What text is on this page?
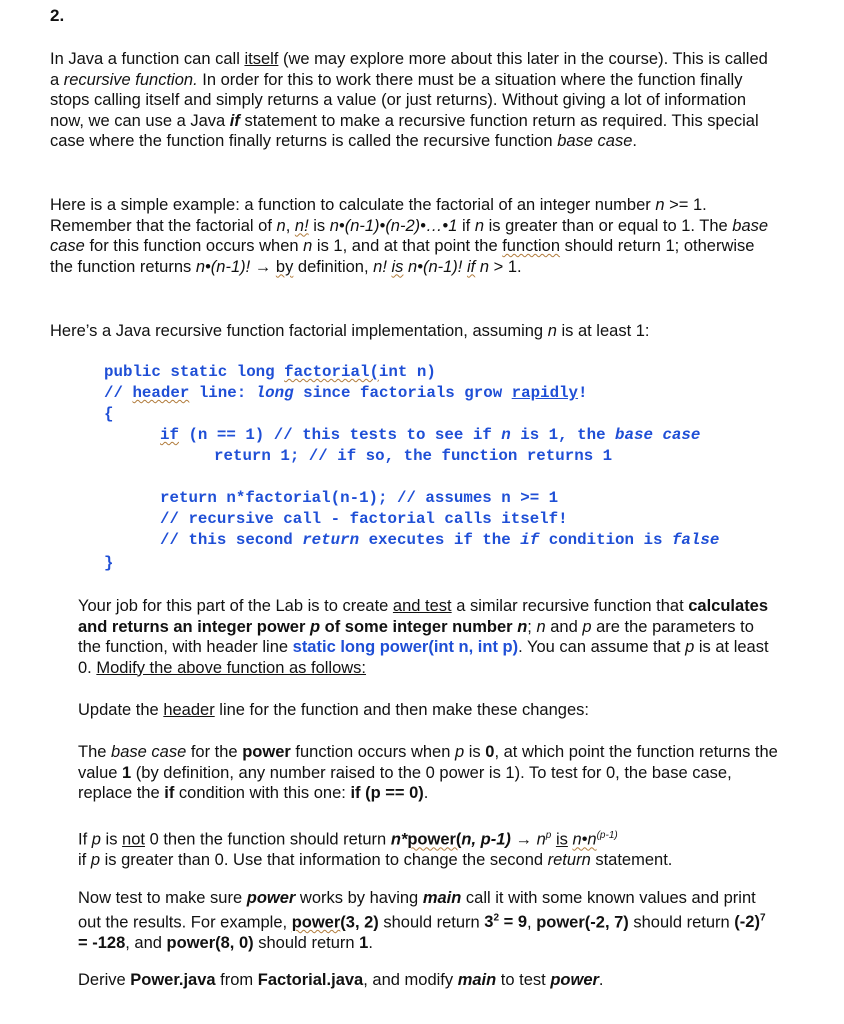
2.

In Java a function can call itself (we may explore more about this later in the course). This is called a recursive function. In order for this to work there must be a situation where the function finally stops calling itself and simply returns a value (or just returns). Without giving a lot of information now, we can use a Java if statement to make a recursive function return as required. This special case where the function finally returns is called the recursive function base case.

Here is a simple example: a function to calculate the factorial of an integer number n >= 1. Remember that the factorial of n, n! is n•(n-1)•(n-2)•…•1 if n is greater than or equal to 1. The base case for this function occurs when n is 1, and at that point the function should return 1; otherwise the function returns n•(n-1)! → by definition, n! is n•(n-1)! if n > 1.

Here’s a Java recursive function factorial implementation, assuming n is at least 1:

public static long factorial(int n)
// header line: long since factorials grow rapidly!
{
if (n == 1) // this tests to see if n is 1, the base case
return 1; // if so, the function returns 1
return n*factorial(n-1); // assumes n >= 1
// recursive call - factorial calls itself!
// this second return executes if the if condition is false
}

Your job for this part of the Lab is to create and test a similar recursive function that calculates and returns an integer power p of some integer number n; n and p are the parameters to the function, with header line static long power(int n, int p). You can assume that p is at least 0. Modify the above function as follows:

Update the header line for the function and then make these changes:

The base case for the power function occurs when p is 0, at which point the function returns the value 1 (by definition, any number raised to the 0 power is 1). To test for 0, the base case, replace the if condition with this one: if (p == 0).

If p is not 0 then the function should return n*power(n, $p-1) \to n^p$ is $n•n^{(p-1)}$
if p is greater than 0. Use that information to change the second return statement.

Now test to make sure power works by having main call it with some known values and print out the results. For example, power(3, 2) should return $3^2 = 9$, power(-2, 7) should return $(-2)^7 = -128$, and power(8, 0) should return 1.

Derive Power.java from Factorial.java, and modify main to test power.
